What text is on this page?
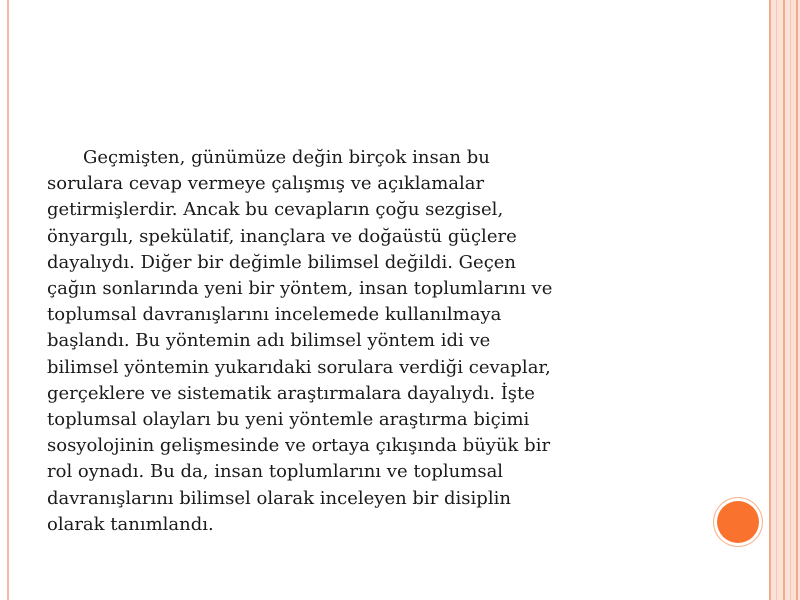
Geçmişten, günümüze değin birçok insan bu
sorulara cevap vermeye çalışmış ve açıklamalar
getirmişlerdir. Ancak bu cevapların çoğu sezgisel,
önyargılı, spekülatif, inançlara ve doğaüstü güçlere
dayalıydı. Diğer bir değimle bilimsel değildi. Geçen
çağın sonlarında yeni bir yöntem, insan toplumlarını ve
toplumsal davranışlarını incelemede kullanılmaya
başlandı. Bu yöntemin adı bilimsel yöntem idi ve
bilimsel yöntemin yukarıdaki sorulara verdiği cevaplar,
gerçeklere ve sistematik araştırmalara dayalıydı. İşte
toplumsal olayları bu yeni yöntemle araştırma biçimi
sosyolojinin gelişmesinde ve ortaya çıkışında büyük bir
rol oynadı. Bu da, insan toplumlarını ve toplumsal
davranışlarını bilimsel olarak inceleyen bir disiplin
olarak tanımlandı.
